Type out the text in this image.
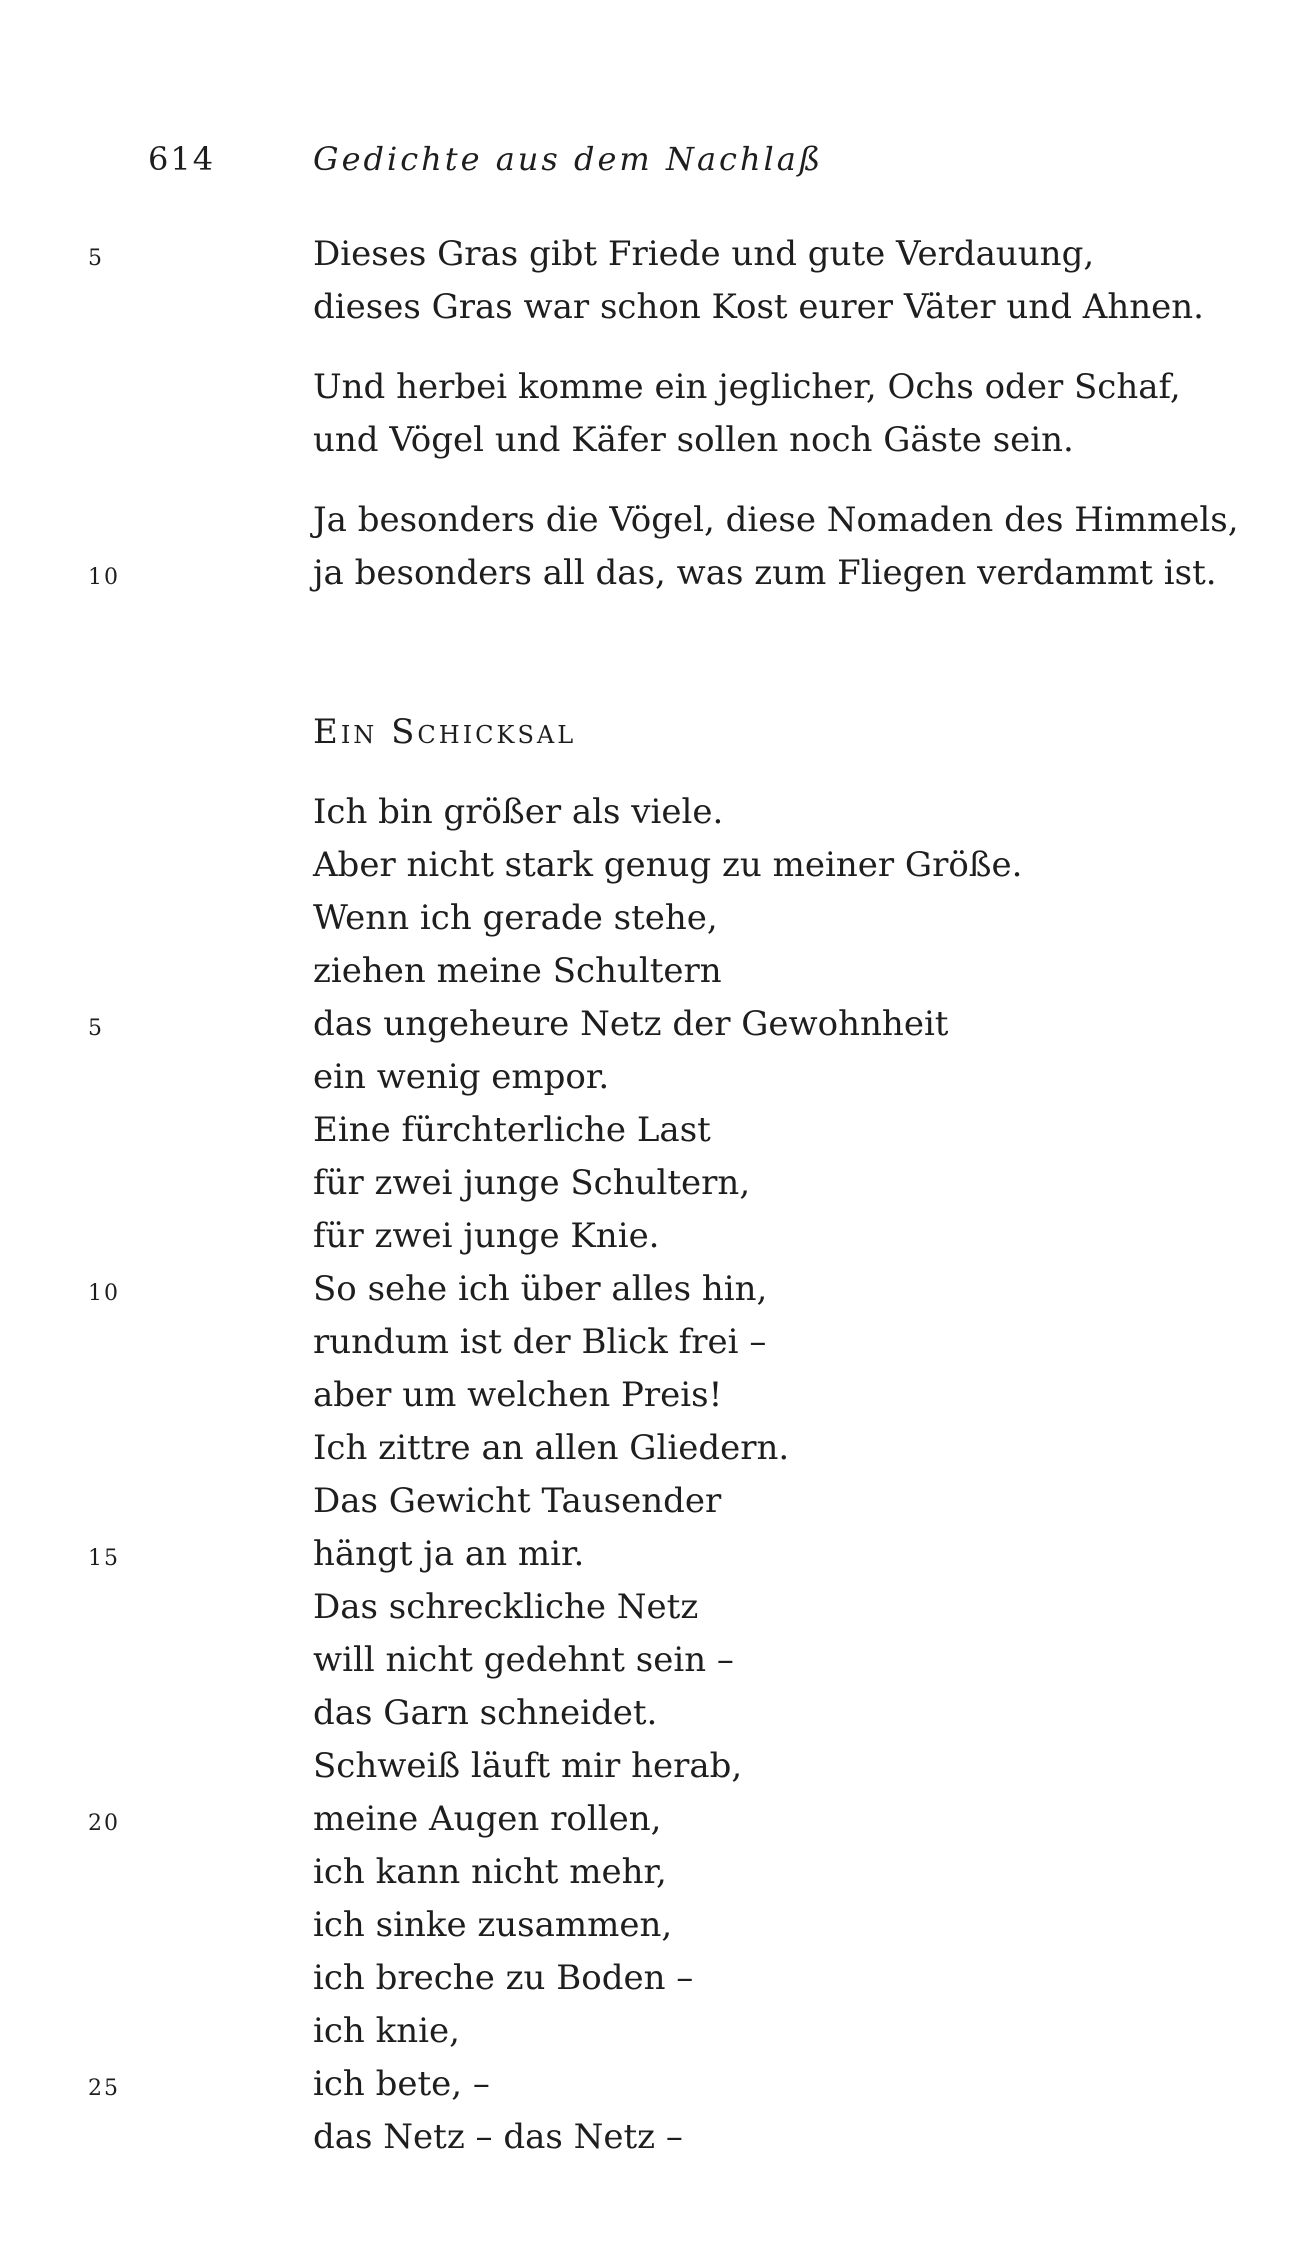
614	Gedichte aus dem Nachlaß
5	Dieses Gras gibt Friede und gute Verdauung,
dieses Gras war schon Kost eurer Väter und Ahnen.
Und herbei komme ein jeglicher, Ochs oder Schaf,
und Vögel und Käfer sollen noch Gäste sein.
Ja besonders die Vögel, diese Nomaden des Himmels,
10	ja besonders all das, was zum Fliegen verdammt ist.
Ein Schicksal
Ich bin größer als viele.
Aber nicht stark genug zu meiner Größe.
Wenn ich gerade stehe,
ziehen meine Schultern
5	das ungeheure Netz der Gewohnheit
ein wenig empor.
Eine fürchterliche Last
für zwei junge Schultern,
für zwei junge Knie.
10	So sehe ich über alles hin,
rundum ist der Blick frei –
aber um welchen Preis!
Ich zittre an allen Gliedern.
Das Gewicht Tausender
15	hängt ja an mir.
Das schreckliche Netz
will nicht gedehnt sein –
das Garn schneidet.
Schweiß läuft mir herab,
20	meine Augen rollen,
ich kann nicht mehr,
ich sinke zusammen,
ich breche zu Boden –
ich knie,
25	ich bete, –
das Netz – das Netz –
